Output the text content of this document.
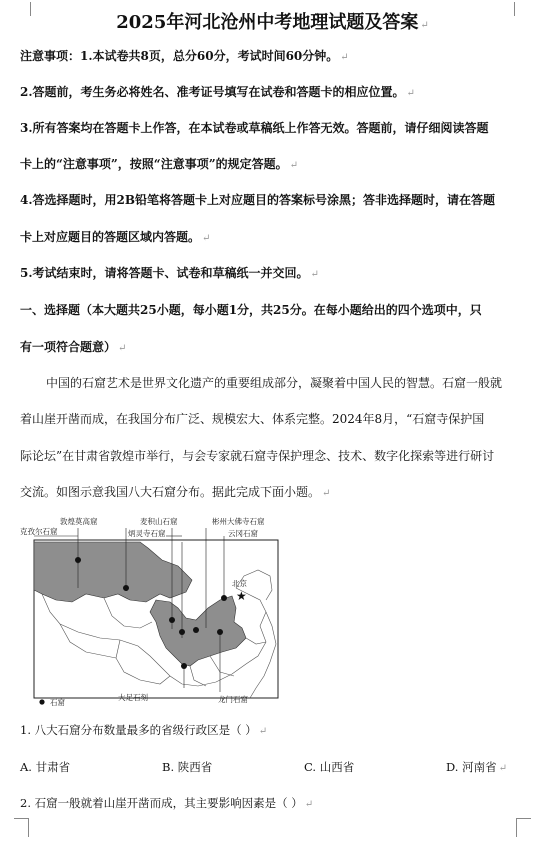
2025年河北沧州中考地理试题及答案 ↵
注意事项：1.本试卷共8页，总分60分，考试时间60分钟。 ↵
2.答题前，考生务必将姓名、准考证号填写在试卷和答题卡的相应位置。 ↵
3.所有答案均在答题卡上作答，在本试卷或草稿纸上作答无效。答题前，请仔细阅读答题
卡上的“注意事项”，按照“注意事项”的规定答题。 ↵
4.答选择题时，用2B铅笔将答题卡上对应题目的答案标号涂黑；答非选择题时，请在答题
卡上对应题目的答题区域内答题。 ↵
5.考试结束时，请将答题卡、试卷和草稿纸一并交回。 ↵
一、选择题（本大题共25小题，每小题1分，共25分。在每小题给出的四个选项中，只
有一项符合题意） ↵
中国的石窟艺术是世界文化遗产的重要组成部分，凝聚着中国人民的智慧。石窟一般就
着山崖开凿而成，在我国分布广泛、规模宏大、体系完整。2024年8月，“石窟寺保护国
际论坛”在甘肃省敦煌市举行，与会专家就石窟寺保护理念、技术、数字化探索等进行研讨
交流。如图示意我国八大石窟分布。据此完成下面小题。 ↵
★
敦煌莫高窟
克孜尔石窟
麦积山石窟
炳灵寺石窟
彬州大佛寺石窟
云冈石窟
北京
大足石刻	龙门石窟
石窟
1. 八大石窟分布数量最多的省级行政区是（ ） ↵
A. 甘肃省	B. 陕西省	C. 山西省	D. 河南省 ↵
2. 石窟一般就着山崖开凿而成，其主要影响因素是（ ） ↵
